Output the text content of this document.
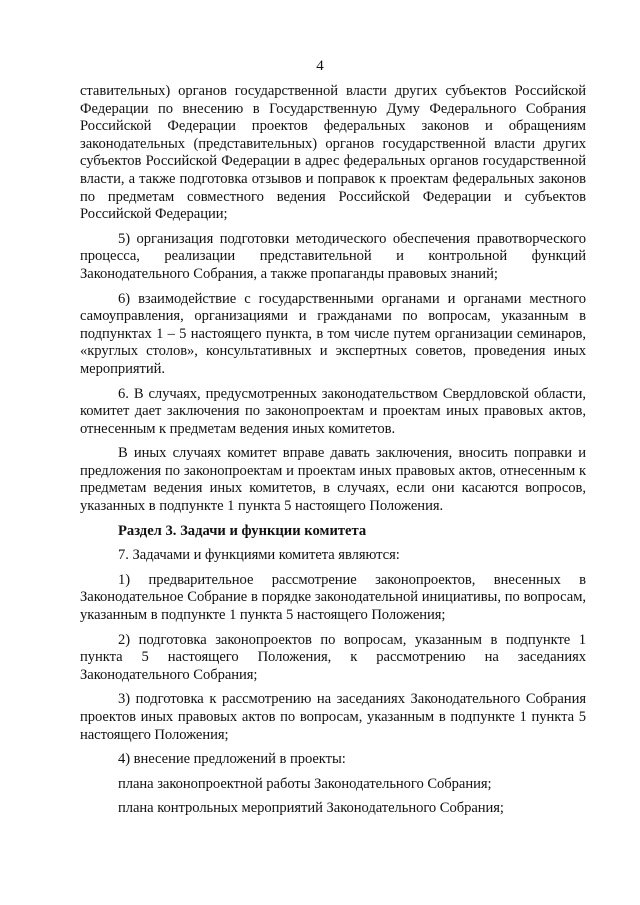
4

ставительных) органов государственной власти других субъектов Российской Федерации по внесению в Государственную Думу Федерального Собрания Российской Федерации проектов федеральных законов и обращениям законодательных (представительных) органов государственной власти других субъектов Российской Федерации в адрес федеральных органов государственной власти, а также подготовка отзывов и поправок к проектам федеральных законов по предметам совместного ведения Российской Федерации и субъектов Российской Федерации;

5) организация подготовки методического обеспечения правотворческого процесса, реализации представительной и контрольной функций Законодательного Собрания, а также пропаганды правовых знаний;

6) взаимодействие с государственными органами и органами местного самоуправления, организациями и гражданами по вопросам, указанным в подпунктах 1 – 5 настоящего пункта, в том числе путем организации семинаров, «круглых столов», консультативных и экспертных советов, проведения иных мероприятий.

6. В случаях, предусмотренных законодательством Свердловской области, комитет дает заключения по законопроектам и проектам иных правовых актов, отнесенным к предметам ведения иных комитетов.

В иных случаях комитет вправе давать заключения, вносить поправки и предложения по законопроектам и проектам иных правовых актов, отнесенным к предметам ведения иных комитетов, в случаях, если они касаются вопросов, указанных в подпункте 1 пункта 5 настоящего Положения.

Раздел 3. Задачи и функции комитета

7. Задачами и функциями комитета являются:

1) предварительное рассмотрение законопроектов, внесенных в Законодательное Собрание в порядке законодательной инициативы, по вопросам, указанным в подпункте 1 пункта 5 настоящего Положения;

2) подготовка законопроектов по вопросам, указанным в подпункте 1 пункта 5 настоящего Положения, к рассмотрению на заседаниях Законодательного Собрания;

3) подготовка к рассмотрению на заседаниях Законодательного Собрания проектов иных правовых актов по вопросам, указанным в подпункте 1 пункта 5 настоящего Положения;

4) внесение предложений в проекты:

плана законопроектной работы Законодательного Собрания;

плана контрольных мероприятий Законодательного Собрания;
